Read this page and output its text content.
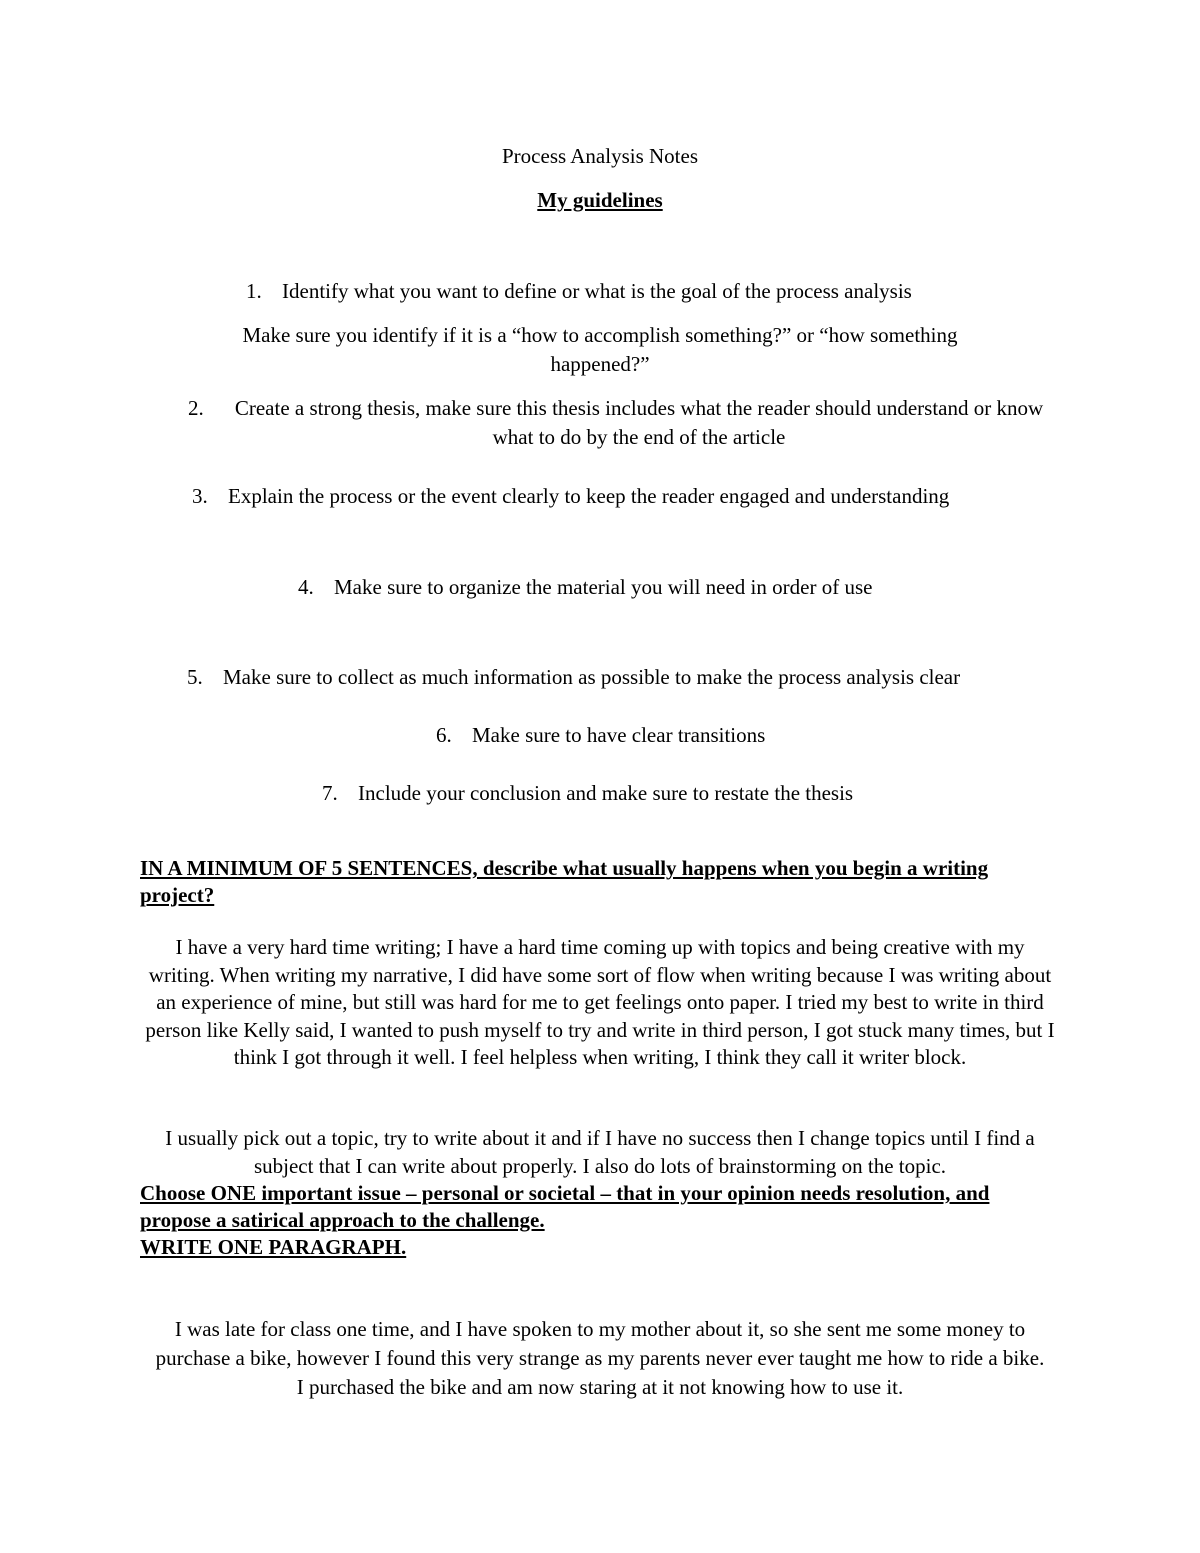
Process Analysis Notes
My guidelines
1. Identify what you want to define or what is the goal of the process analysis
Make sure you identify if it is a “how to accomplish something?” or “how something happened?”
2. Create a strong thesis, make sure this thesis includes what the reader should understand or know what to do by the end of the article
3. Explain the process or the event clearly to keep the reader engaged and understanding
4. Make sure to organize the material you will need in order of use
5. Make sure to collect as much information as possible to make the process analysis clear
6. Make sure to have clear transitions
7. Include your conclusion and make sure to restate the thesis
IN A MINIMUM OF 5 SENTENCES, describe what usually happens when you begin a writing project?
I have a very hard time writing; I have a hard time coming up with topics and being creative with my writing. When writing my narrative, I did have some sort of flow when writing because I was writing about an experience of mine, but still was hard for me to get feelings onto paper. I tried my best to write in third person like Kelly said, I wanted to push myself to try and write in third person, I got stuck many times, but I think I got through it well. I feel helpless when writing, I think they call it writer block.
I usually pick out a topic, try to write about it and if I have no success then I change topics until I find a subject that I can write about properly. I also do lots of brainstorming on the topic.
Choose ONE important issue – personal or societal – that in your opinion needs resolution, and propose a satirical approach to the challenge.
WRITE ONE PARAGRAPH.
I was late for class one time, and I have spoken to my mother about it, so she sent me some money to purchase a bike, however I found this very strange as my parents never ever taught me how to ride a bike. I purchased the bike and am now staring at it not knowing how to use it.
